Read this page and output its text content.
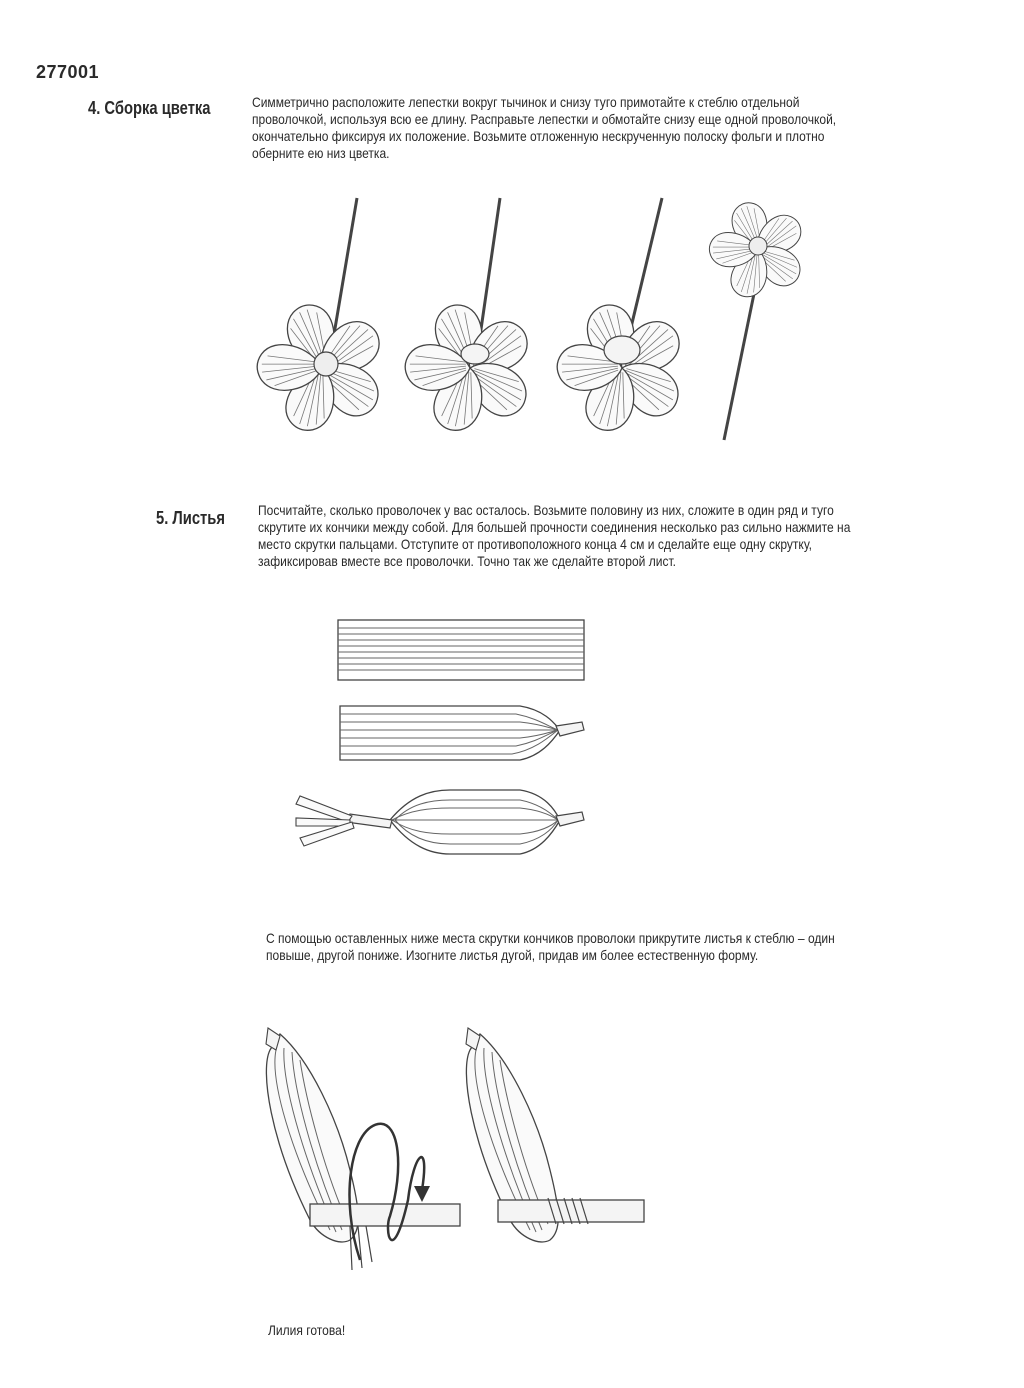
277001
4. Сборка цветка	Симметрично расположите лепестки вокруг тычинок и снизу туго примотайте к стеблю отдельной
проволочкой, используя всю ее длину. Расправьте лепестки и обмотайте снизу еще одной проволочкой,
окончательно фиксируя их положение. Возьмите отложенную нескрученную полоску фольги и плотно
оберните ею низ цветка.
5. Листья Посчитайте, сколько проволочек у вас осталось. Возьмите половину из них, сложите в один ряд и туго
скрутите их кончики между собой. Для большей прочности соединения несколько раз сильно нажмите на
место скрутки пальцами. Отступите от противоположного конца 4 см и сделайте еще одну скрутку,
зафиксировав вместе все проволочки. Точно так же сделайте второй лист.
С помощью оставленных ниже места скрутки кончиков проволоки прикрутите листья к стеблю – один
повыше, другой пониже. Изогните листья дугой, придав им более естественную форму.
Лилия готова!
